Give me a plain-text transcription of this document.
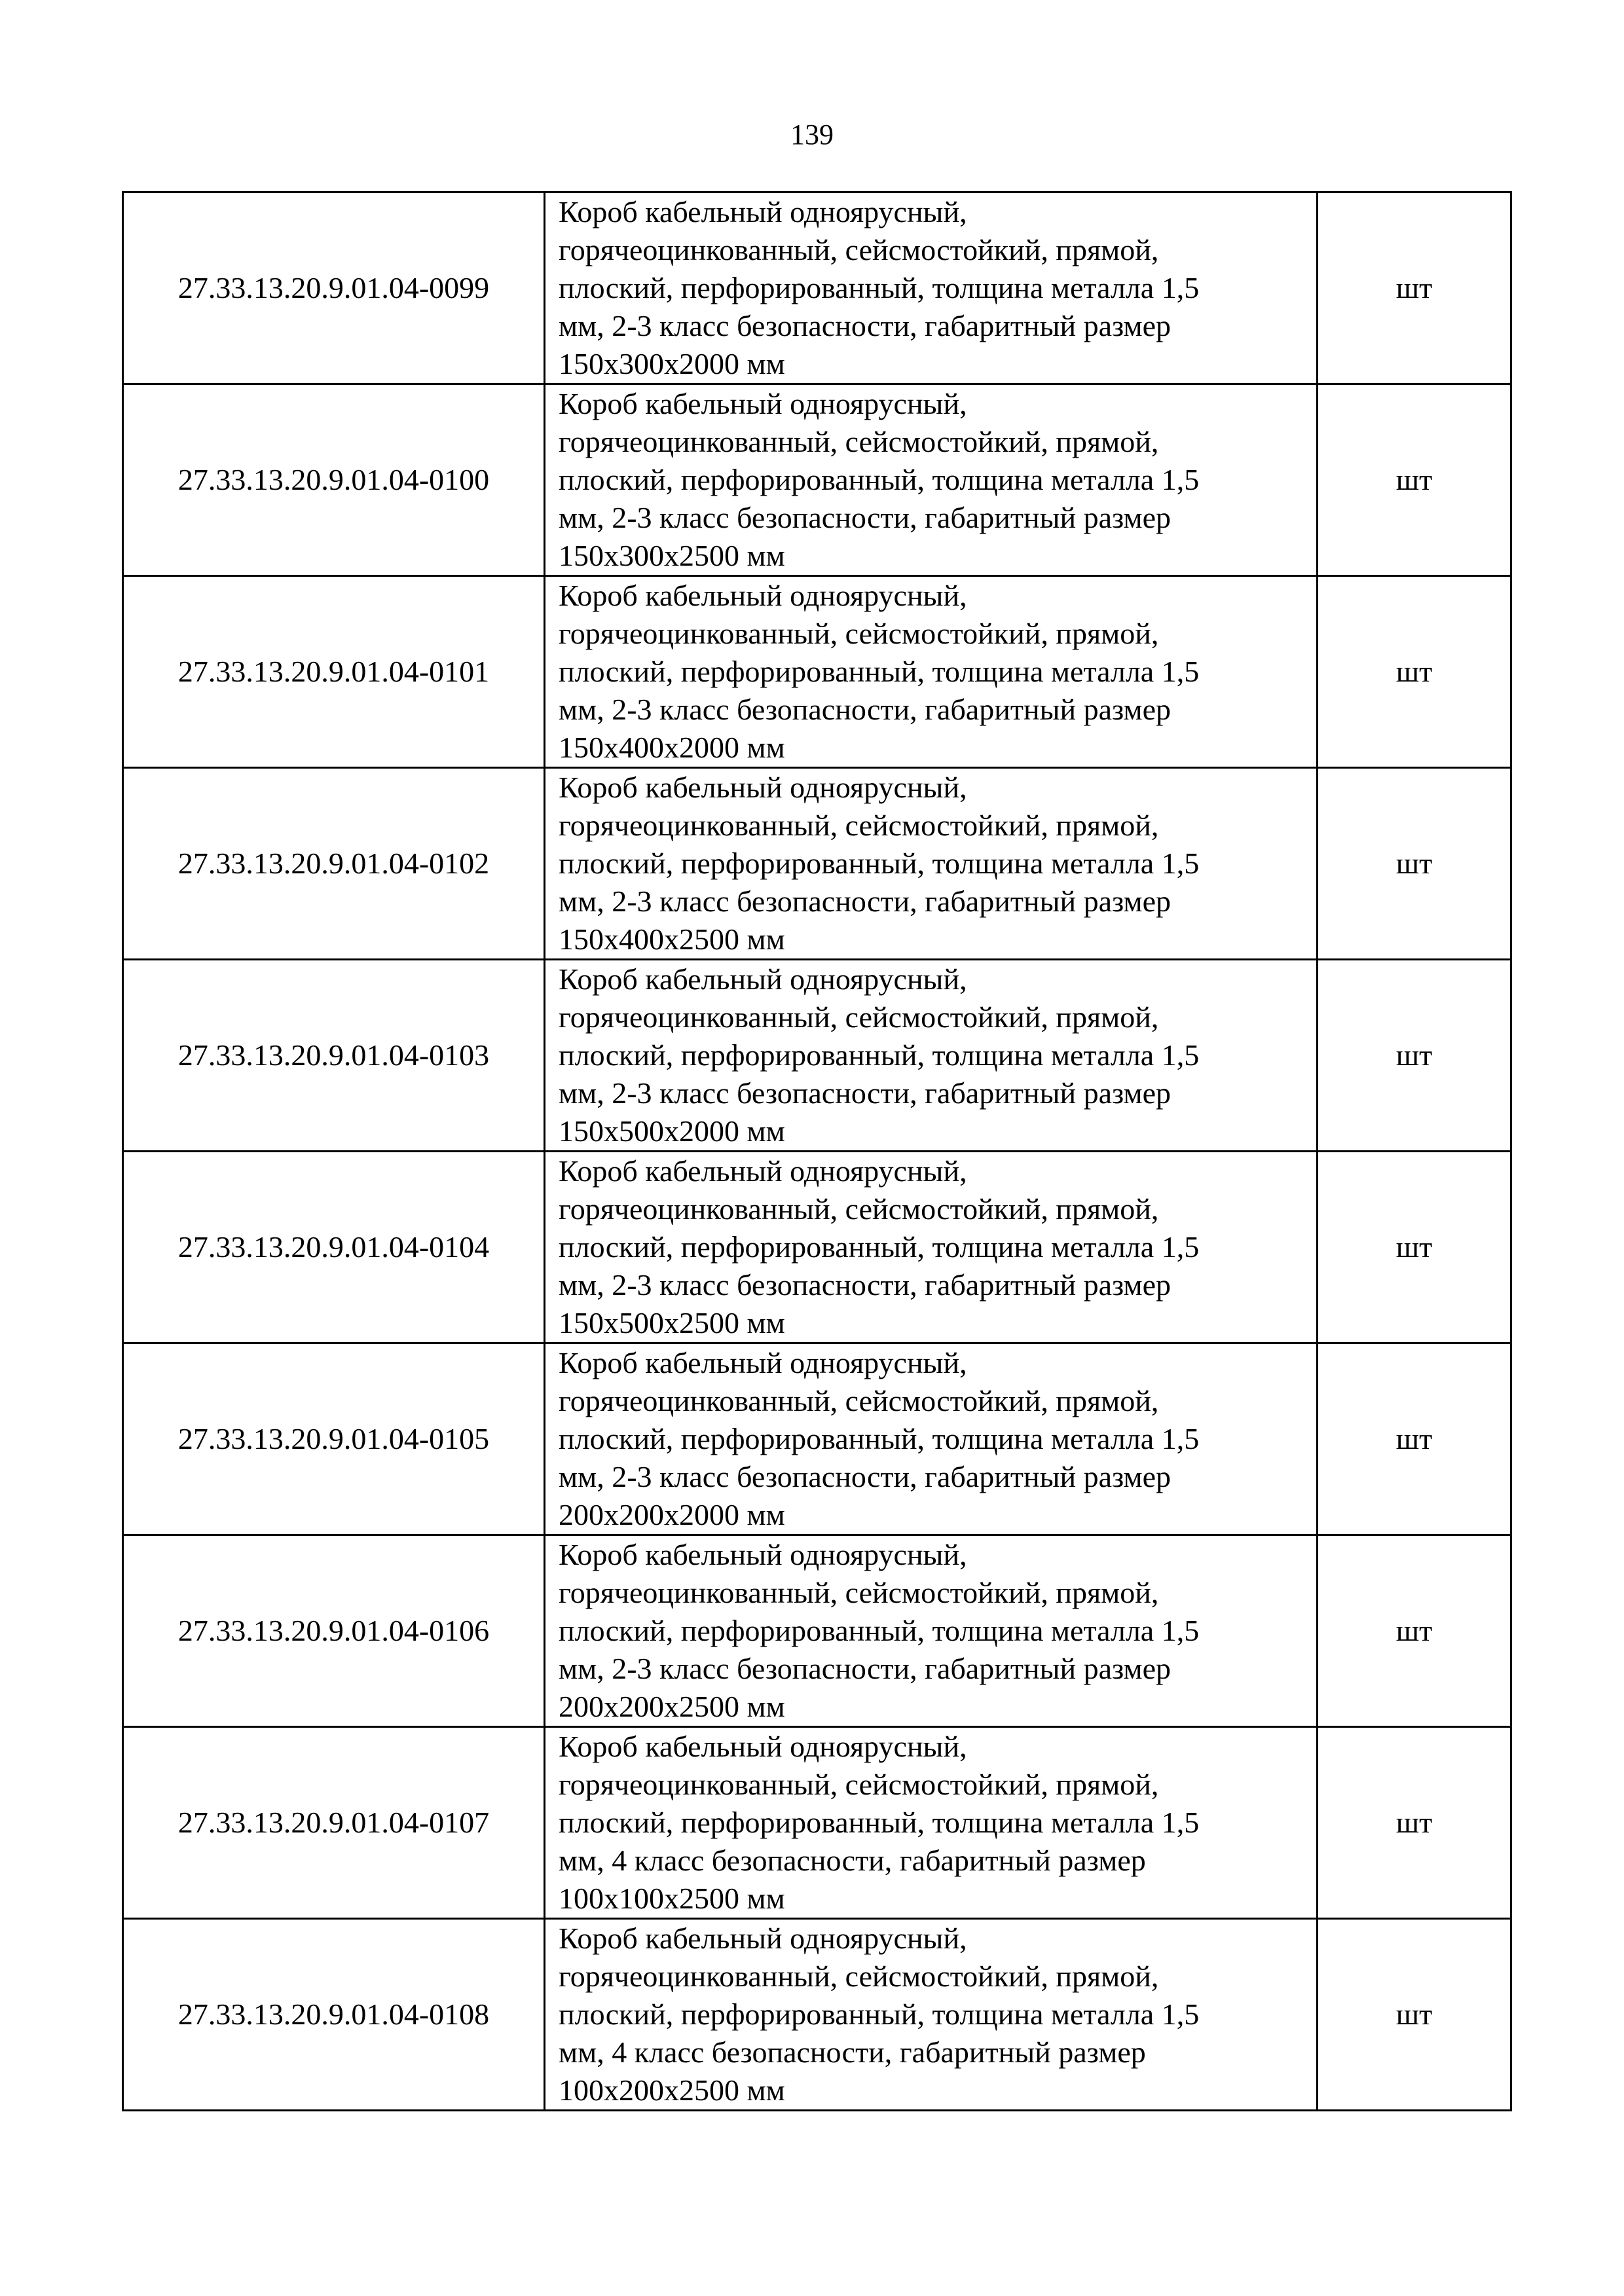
139
27.33.13.20.9.01.04-0099	Короб кабельный одноярусный,
горячеоцинкованный, сейсмостойкий, прямой,
плоский, перфорированный, толщина металла 1,5
мм, 2-3 класс безопасности, габаритный размер
150х300х2000 мм	шт
27.33.13.20.9.01.04-0100	Короб кабельный одноярусный,
горячеоцинкованный, сейсмостойкий, прямой,
плоский, перфорированный, толщина металла 1,5
мм, 2-3 класс безопасности, габаритный размер
150х300х2500 мм	шт
27.33.13.20.9.01.04-0101	Короб кабельный одноярусный,
горячеоцинкованный, сейсмостойкий, прямой,
плоский, перфорированный, толщина металла 1,5
мм, 2-3 класс безопасности, габаритный размер
150х400х2000 мм	шт
27.33.13.20.9.01.04-0102	Короб кабельный одноярусный,
горячеоцинкованный, сейсмостойкий, прямой,
плоский, перфорированный, толщина металла 1,5
мм, 2-3 класс безопасности, габаритный размер
150х400х2500 мм	шт
27.33.13.20.9.01.04-0103	Короб кабельный одноярусный,
горячеоцинкованный, сейсмостойкий, прямой,
плоский, перфорированный, толщина металла 1,5
мм, 2-3 класс безопасности, габаритный размер
150х500х2000 мм	шт
27.33.13.20.9.01.04-0104	Короб кабельный одноярусный,
горячеоцинкованный, сейсмостойкий, прямой,
плоский, перфорированный, толщина металла 1,5
мм, 2-3 класс безопасности, габаритный размер
150х500х2500 мм	шт
27.33.13.20.9.01.04-0105	Короб кабельный одноярусный,
горячеоцинкованный, сейсмостойкий, прямой,
плоский, перфорированный, толщина металла 1,5
мм, 2-3 класс безопасности, габаритный размер
200х200х2000 мм	шт
27.33.13.20.9.01.04-0106	Короб кабельный одноярусный,
горячеоцинкованный, сейсмостойкий, прямой,
плоский, перфорированный, толщина металла 1,5
мм, 2-3 класс безопасности, габаритный размер
200х200х2500 мм	шт
27.33.13.20.9.01.04-0107	Короб кабельный одноярусный,
горячеоцинкованный, сейсмостойкий, прямой,
плоский, перфорированный, толщина металла 1,5
мм, 4 класс безопасности, габаритный размер
100х100х2500 мм	шт
27.33.13.20.9.01.04-0108	Короб кабельный одноярусный,
горячеоцинкованный, сейсмостойкий, прямой,
плоский, перфорированный, толщина металла 1,5
мм, 4 класс безопасности, габаритный размер
100х200х2500 мм	шт
